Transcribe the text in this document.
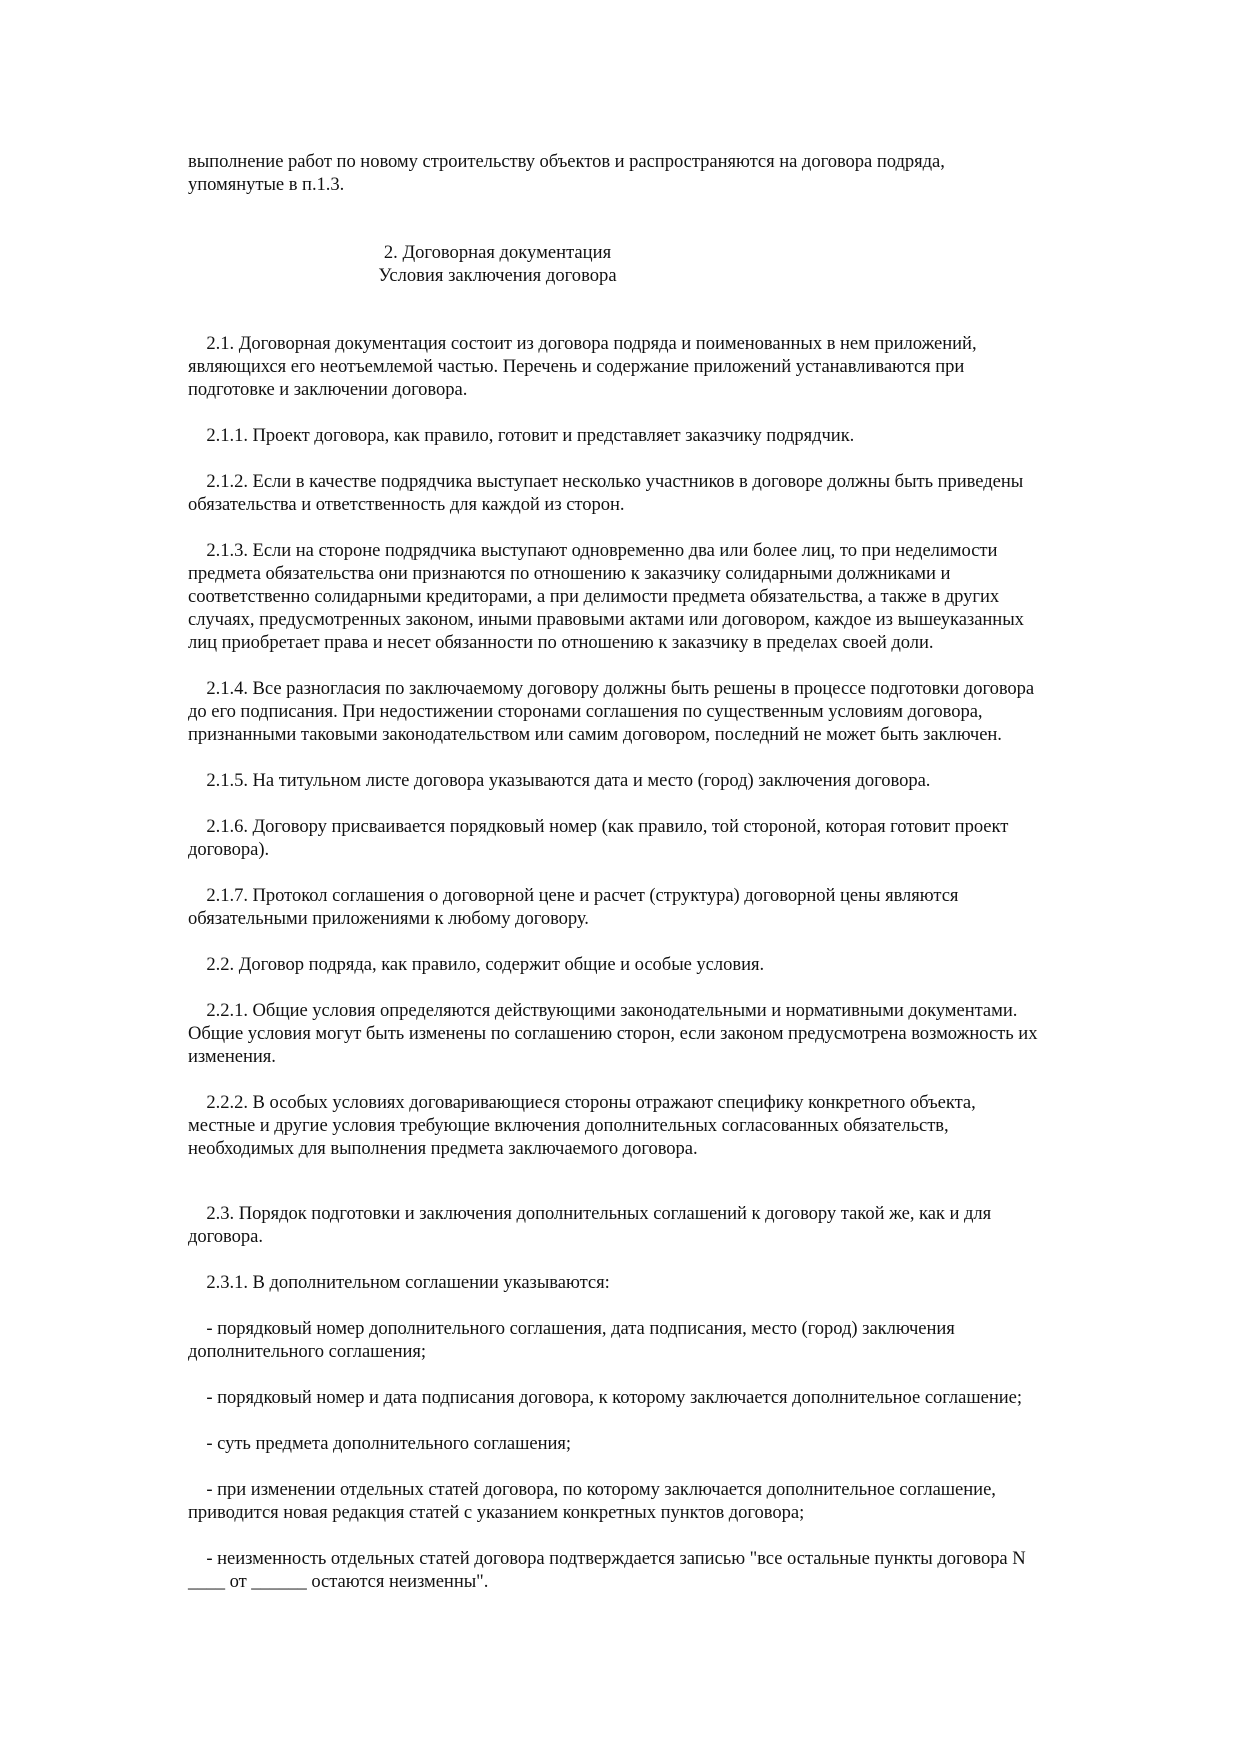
выполнение работ по новому строительству объектов и распространяются на договора подряда,
упомянутые в п.1.3.

2. Договорная документация

Условия заключения договора

2.1. Договорная документация состоит из договора подряда и поименованных в нем приложений,
являющихся его неотъемлемой частью. Перечень и содержание приложений устанавливаются при
подготовке и заключении договора.

2.1.1. Проект договора, как правило, готовит и представляет заказчику подрядчик.

2.1.2. Если в качестве подрядчика выступает несколько участников в договоре должны быть приведены
обязательства и ответственность для каждой из сторон.

2.1.3. Если на стороне подрядчика выступают одновременно два или более лиц, то при неделимости
предмета обязательства они признаются по отношению к заказчику солидарными должниками и
соответственно солидарными кредиторами, а при делимости предмета обязательства, а также в других
случаях, предусмотренных законом, иными правовыми актами или договором, каждое из вышеуказанных
лиц приобретает права и несет обязанности по отношению к заказчику в пределах своей доли.

2.1.4. Все разногласия по заключаемому договору должны быть решены в процессе подготовки договора
до его подписания. При недостижении сторонами соглашения по существенным условиям договора,
признанными таковыми законодательством или самим договором, последний не может быть заключен.

2.1.5. На титульном листе договора указываются дата и место (город) заключения договора.

2.1.6. Договору присваивается порядковый номер (как правило, той стороной, которая готовит проект
договора).

2.1.7. Протокол соглашения о договорной цене и расчет (структура) договорной цены являются
обязательными приложениями к любому договору.

2.2. Договор подряда, как правило, содержит общие и особые условия.

2.2.1. Общие условия определяются действующими законодательными и нормативными документами.
Общие условия могут быть изменены по соглашению сторон, если законом предусмотрена возможность их
изменения.

2.2.2. В особых условиях договаривающиеся стороны отражают специфику конкретного объекта,
местные и другие условия требующие включения дополнительных согласованных обязательств,
необходимых для выполнения предмета заключаемого договора.

2.3. Порядок подготовки и заключения дополнительных соглашений к договору такой же, как и для
договора.

2.3.1. В дополнительном соглашении указываются:

- порядковый номер дополнительного соглашения, дата подписания, место (город) заключения
дополнительного соглашения;

- порядковый номер и дата подписания договора, к которому заключается дополнительное соглашение;

- суть предмета дополнительного соглашения;

- при изменении отдельных статей договора, по которому заключается дополнительное соглашение,
приводится новая редакция статей с указанием конкретных пунктов договора;

- неизменность отдельных статей договора подтверждается записью "все остальные пункты договора N
____ от ______ остаются неизменны".
